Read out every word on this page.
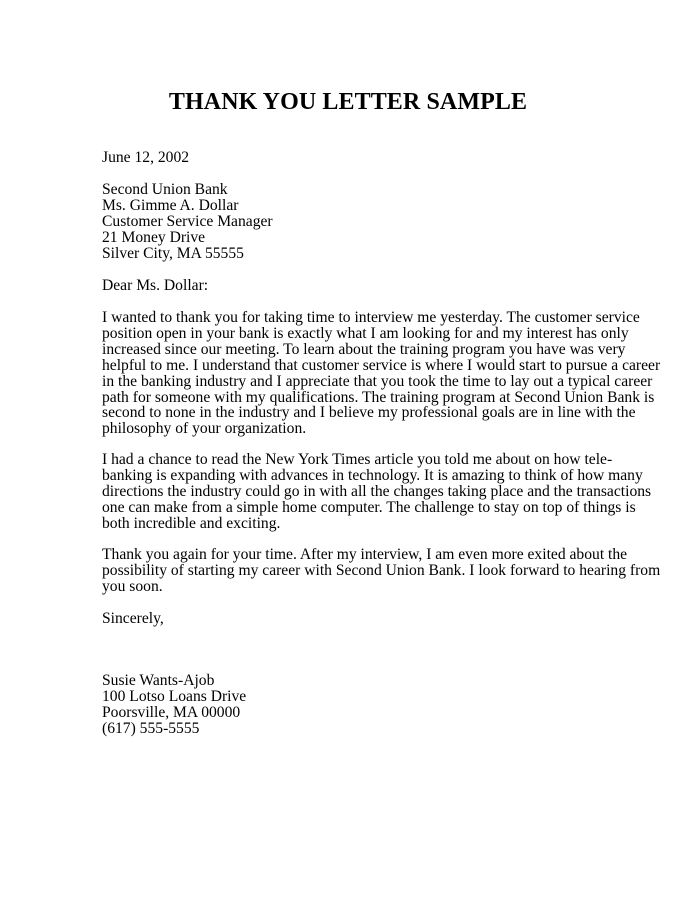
THANK YOU LETTER SAMPLE
June 12, 2002
Second Union Bank
Ms. Gimme A. Dollar
Customer Service Manager
21 Money Drive
Silver City, MA 55555
Dear Ms. Dollar:
I wanted to thank you for taking time to interview me yesterday. The customer service
position open in your bank is exactly what I am looking for and my interest has only
increased since our meeting. To learn about the training program you have was very
helpful to me. I understand that customer service is where I would start to pursue a career
in the banking industry and I appreciate that you took the time to lay out a typical career
path for someone with my qualifications. The training program at Second Union Bank is
second to none in the industry and I believe my professional goals are in line with the
philosophy of your organization.
I had a chance to read the New York Times article you told me about on how tele-
banking is expanding with advances in technology. It is amazing to think of how many
directions the industry could go in with all the changes taking place and the transactions
one can make from a simple home computer. The challenge to stay on top of things is
both incredible and exciting.
Thank you again for your time. After my interview, I am even more exited about the
possibility of starting my career with Second Union Bank. I look forward to hearing from
you soon.
Sincerely,
Susie Wants-Ajob
100 Lotso Loans Drive
Poorsville, MA 00000
(617) 555-5555
